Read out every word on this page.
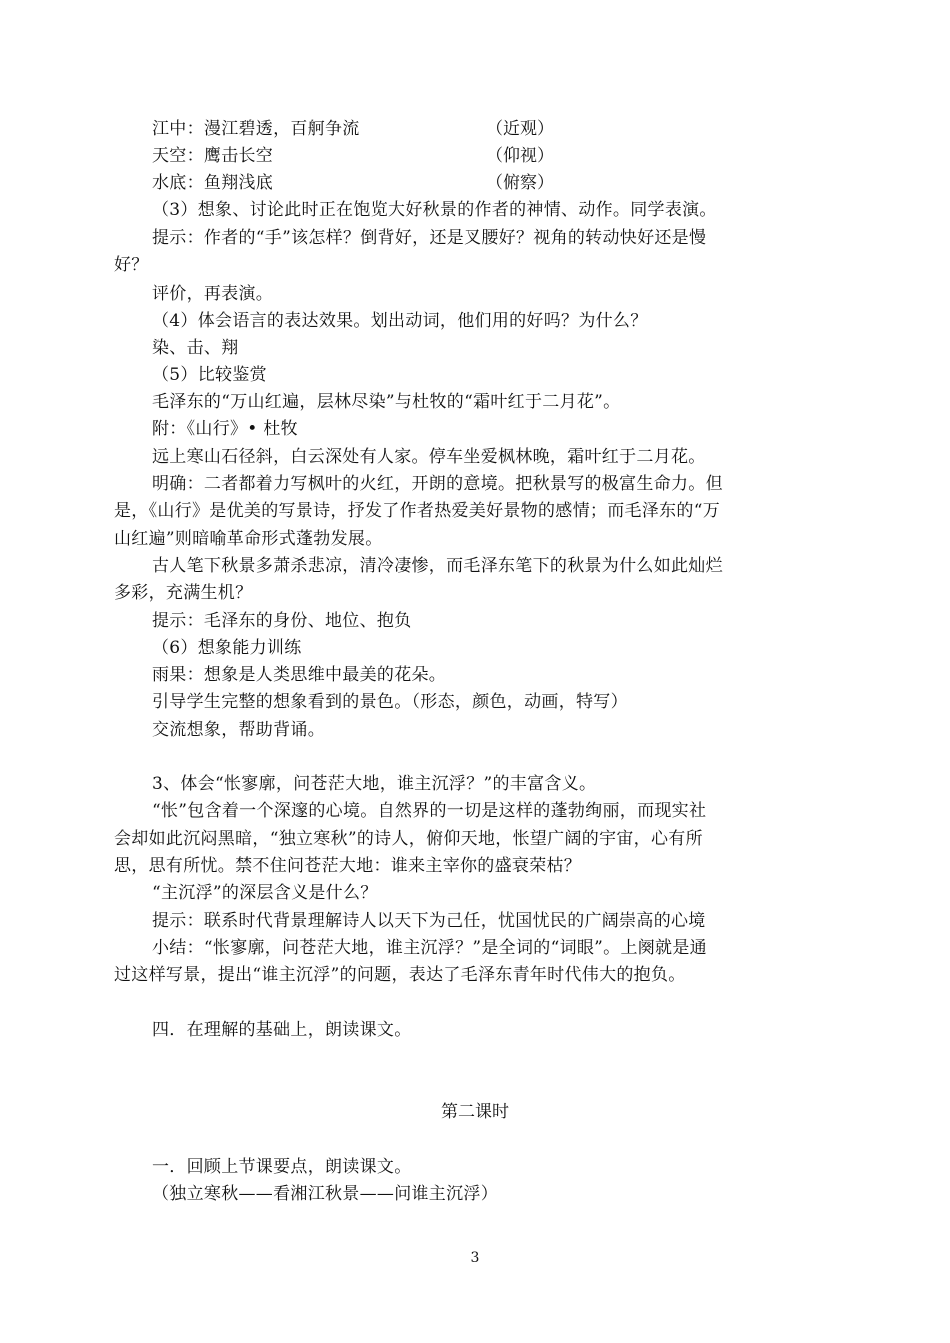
江中：漫江碧透，百舸争流	（近观）
天空：鹰击长空	（仰视）
水底：鱼翔浅底	（俯察）
（3）想象、讨论此时正在饱览大好秋景的作者的神情、动作。同学表演。
提示：作者的“手”该怎样？倒背好，还是叉腰好？视角的转动快好还是慢
好？
评价，再表演。
（4）体会语言的表达效果。划出动词，他们用的好吗？为什么？
染、击、翔
（5）比较鉴赏
毛泽东的“万山红遍，层林尽染”与杜牧的“霜叶红于二月花”。
附：《山行》• 杜牧
远上寒山石径斜，白云深处有人家。停车坐爱枫林晚，霜叶红于二月花。
明确：二者都着力写枫叶的火红，开朗的意境。把秋景写的极富生命力。但
是，《山行》是优美的写景诗，抒发了作者热爱美好景物的感情；而毛泽东的“万
山红遍”则暗喻革命形式蓬勃发展。
古人笔下秋景多萧杀悲凉，清冷凄惨，而毛泽东笔下的秋景为什么如此灿烂
多彩，充满生机？
提示：毛泽东的身份、地位、抱负
（6）想象能力训练
雨果：想象是人类思维中最美的花朵。
引导学生完整的想象看到的景色。（形态，颜色，动画，特写）
交流想象，帮助背诵。
3、体会“怅寥廓，问苍茫大地，谁主沉浮？”的丰富含义。
“怅”包含着一个深邃的心境。自然界的一切是这样的蓬勃绚丽，而现实社
会却如此沉闷黑暗，“独立寒秋”的诗人，俯仰天地，怅望广阔的宇宙，心有所
思，思有所忧。禁不住问苍茫大地：谁来主宰你的盛衰荣枯？
“主沉浮”的深层含义是什么？
提示：联系时代背景理解诗人以天下为己任，忧国忧民的广阔崇高的心境
小结：“怅寥廓，问苍茫大地，谁主沉浮？”是全词的“词眼”。上阕就是通
过这样写景，提出“谁主沉浮”的问题，表达了毛泽东青年时代伟大的抱负。
四．在理解的基础上，朗读课文。
第二课时
一．回顾上节课要点，朗读课文。
（独立寒秋——看湘江秋景——问谁主沉浮）
3
